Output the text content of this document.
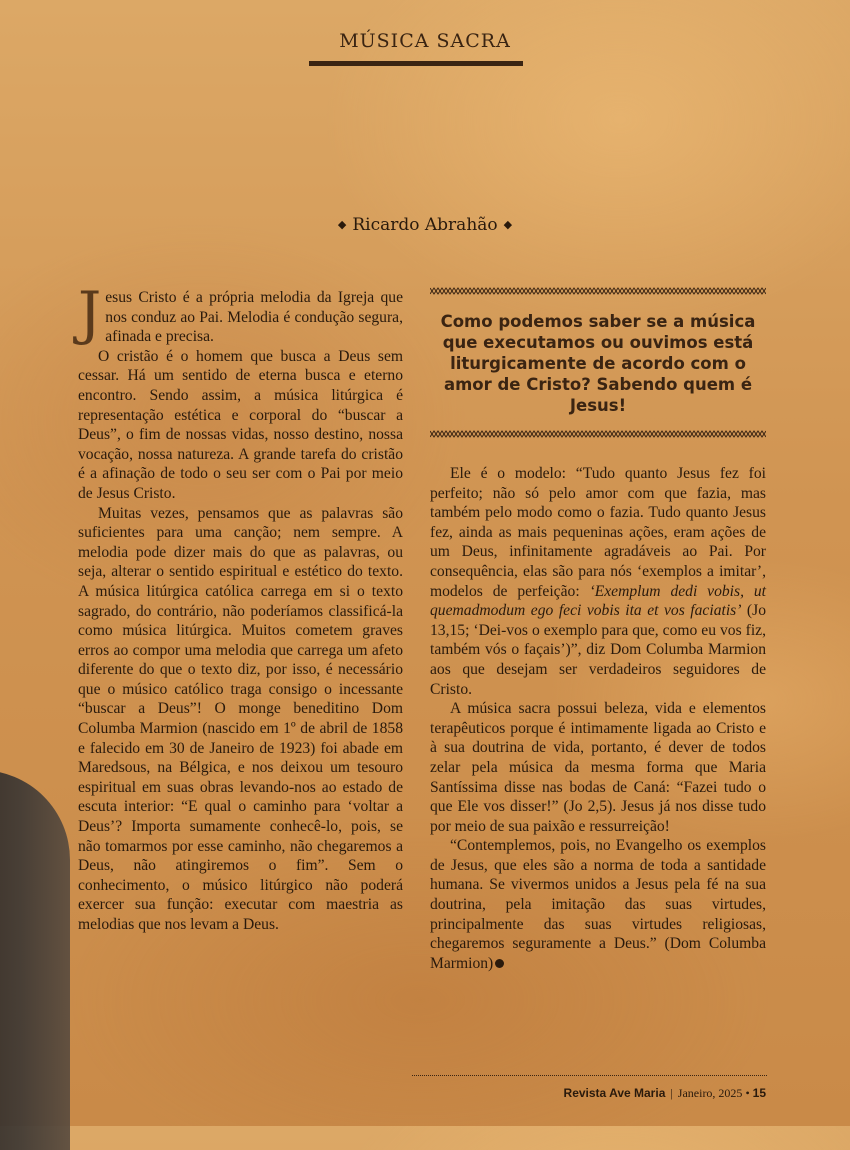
MÚSICA SACRA
◆ Ricardo Abrahão ◆

Jesus Cristo é a própria melodia da Igreja que nos conduz ao Pai. Melodia é condução segura, afinada e precisa.

O cristão é o homem que busca a Deus sem cessar. Há um sentido de eterna busca e eterno encontro. Sendo assim, a música litúrgica é representação estética e corporal do “buscar a Deus”, o fim de nossas vidas, nosso destino, nossa vocação, nossa natureza. A grande tarefa do cristão é a afinação de todo o seu ser com o Pai por meio de Jesus Cristo.

Muitas vezes, pensamos que as palavras são suficientes para uma canção; nem sempre. A melodia pode dizer mais do que as palavras, ou seja, alterar o sentido espiritual e estético do texto. A música litúrgica católica carrega em si o texto sagrado, do contrário, não poderíamos classificá-la como música litúrgica. Muitos cometem graves erros ao compor uma melodia que carrega um afeto diferente do que o texto diz, por isso, é necessário que o músico católico traga consigo o incessante “buscar a Deus”! O monge beneditino Dom Columba Marmion (nascido em 1º de abril de 1858 e falecido em 30 de Janeiro de 1923) foi abade em Maredsous, na Bélgica, e nos deixou um tesouro espiritual em suas obras levando-nos ao estado de escuta interior: “E qual o caminho para ‘voltar a Deus’? Importa sumamente conhecê-lo, pois, se não tomarmos por esse caminho, não chegaremos a Deus, não atingiremos o fim”. Sem o conhecimento, o músico litúrgico não poderá exercer sua função: executar com maestria as melodias que nos levam a Deus.

Como podemos saber se a música que executamos ou ouvimos está liturgicamente de acordo com o amor de Cristo? Sabendo quem é Jesus!

Ele é o modelo: “Tudo quanto Jesus fez foi perfeito; não só pelo amor com que fazia, mas também pelo modo como o fazia. Tudo quanto Jesus fez, ainda as mais pequeninas ações, eram ações de um Deus, infinitamente agradáveis ao Pai. Por consequência, elas são para nós ‘exemplos a imitar’, modelos de perfeição: ‘Exemplum dedi vobis, ut quemadmodum ego feci vobis ita et vos faciatis’ (Jo 13,15; ‘Dei-vos o exemplo para que, como eu vos fiz, também vós o façais’)”, diz Dom Columba Marmion aos que desejam ser verdadeiros seguidores de Cristo.

A música sacra possui beleza, vida e elementos terapêuticos porque é intimamente ligada ao Cristo e à sua doutrina de vida, portanto, é dever de todos zelar pela música da mesma forma que Maria Santíssima disse nas bodas de Caná: “Fazei tudo o que Ele vos disser!” (Jo 2,5). Jesus já nos disse tudo por meio de sua paixão e ressurreição!

“Contemplemos, pois, no Evangelho os exemplos de Jesus, que eles são a norma de toda a santidade humana. Se vivermos unidos a Jesus pela fé na sua doutrina, pela imitação das suas virtudes, principalmente das suas virtudes religiosas, chegaremos seguramente a Deus.” (Dom Columba Marmion)

Revista Ave Maria | Janeiro, 2025 • 15
